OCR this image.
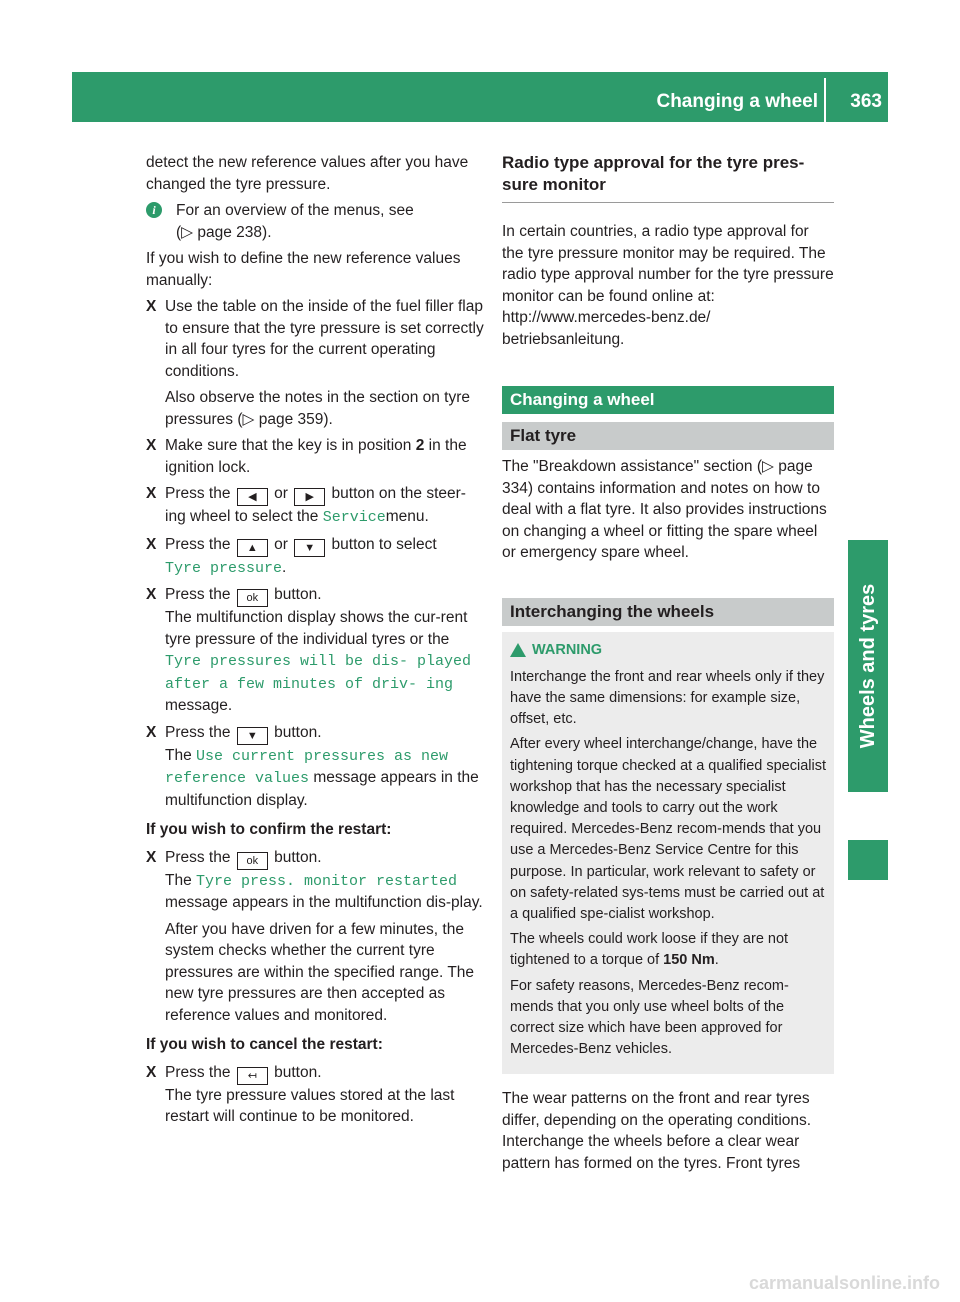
Changing a wheel 363
Wheels and tyres

detect the new reference values after you have changed the tyre pressure.

i	For an overview of the menus, see
(▷ page 238).

If you wish to define the new reference values manually:

X Use the table on the inside of the fuel filler flap to ensure that the tyre pressure is set correctly in all four tyres for the current operating conditions.
Also observe the notes in the section on tyre pressures (▷ page 359).
X Make sure that the key is in position 2 in the ignition lock.
X Press the ◀ or ▶ button on the steer-ing wheel to select the Servicemenu.
X Press the ▲ or ▼ button to select
Tyre pressure.
X Press the ok button.
The multifunction display shows the cur-rent tyre pressure of the individual tyres or the Tyre pressures will be dis‐ played after a few minutes of driv‐ ing message.
X Press the ▼ button.
The Use current pressures as new reference values message appears in the multifunction display.

If you wish to confirm the restart:

X Press the ok button.
The Tyre press. monitor restarted message appears in the multifunction dis-play.
After you have driven for a few minutes, the system checks whether the current tyre pressures are within the specified range. The new tyre pressures are then accepted as reference values and monitored.

If you wish to cancel the restart:

X Press the ↤ button.
The tyre pressure values stored at the last restart will continue to be monitored.
Radio type approval for the tyre pres-sure monitor

In certain countries, a radio type approval for the tyre pressure monitor may be required. The radio type approval number for the tyre pressure monitor can be found online at: http://www.mercedes-benz.de/ betriebsanleitung.

Changing a wheel
Flat tyre

The "Breakdown assistance" section (▷ page 334) contains information and notes on how to deal with a flat tyre. It also provides instructions on changing a wheel or fitting the spare wheel or emergency spare wheel.

Interchanging the wheels
WARNING

Interchange the front and rear wheels only if they have the same dimensions: for example size, offset, etc.

After every wheel interchange/change, have the tightening torque checked at a qualified specialist workshop that has the necessary specialist knowledge and tools to carry out the work required. Mercedes-Benz recom-mends that you use a Mercedes-Benz Service Centre for this purpose. In particular, work relevant to safety or on safety-related sys-tems must be carried out at a qualified spe-cialist workshop.

The wheels could work loose if they are not tightened to a torque of 150 Nm.

For safety reasons, Mercedes-Benz recom-mends that you only use wheel bolts of the correct size which have been approved for Mercedes-Benz vehicles.

The wear patterns on the front and rear tyres differ, depending on the operating conditions. Interchange the wheels before a clear wear pattern has formed on the tyres. Front tyres

carmanualsonline.info
